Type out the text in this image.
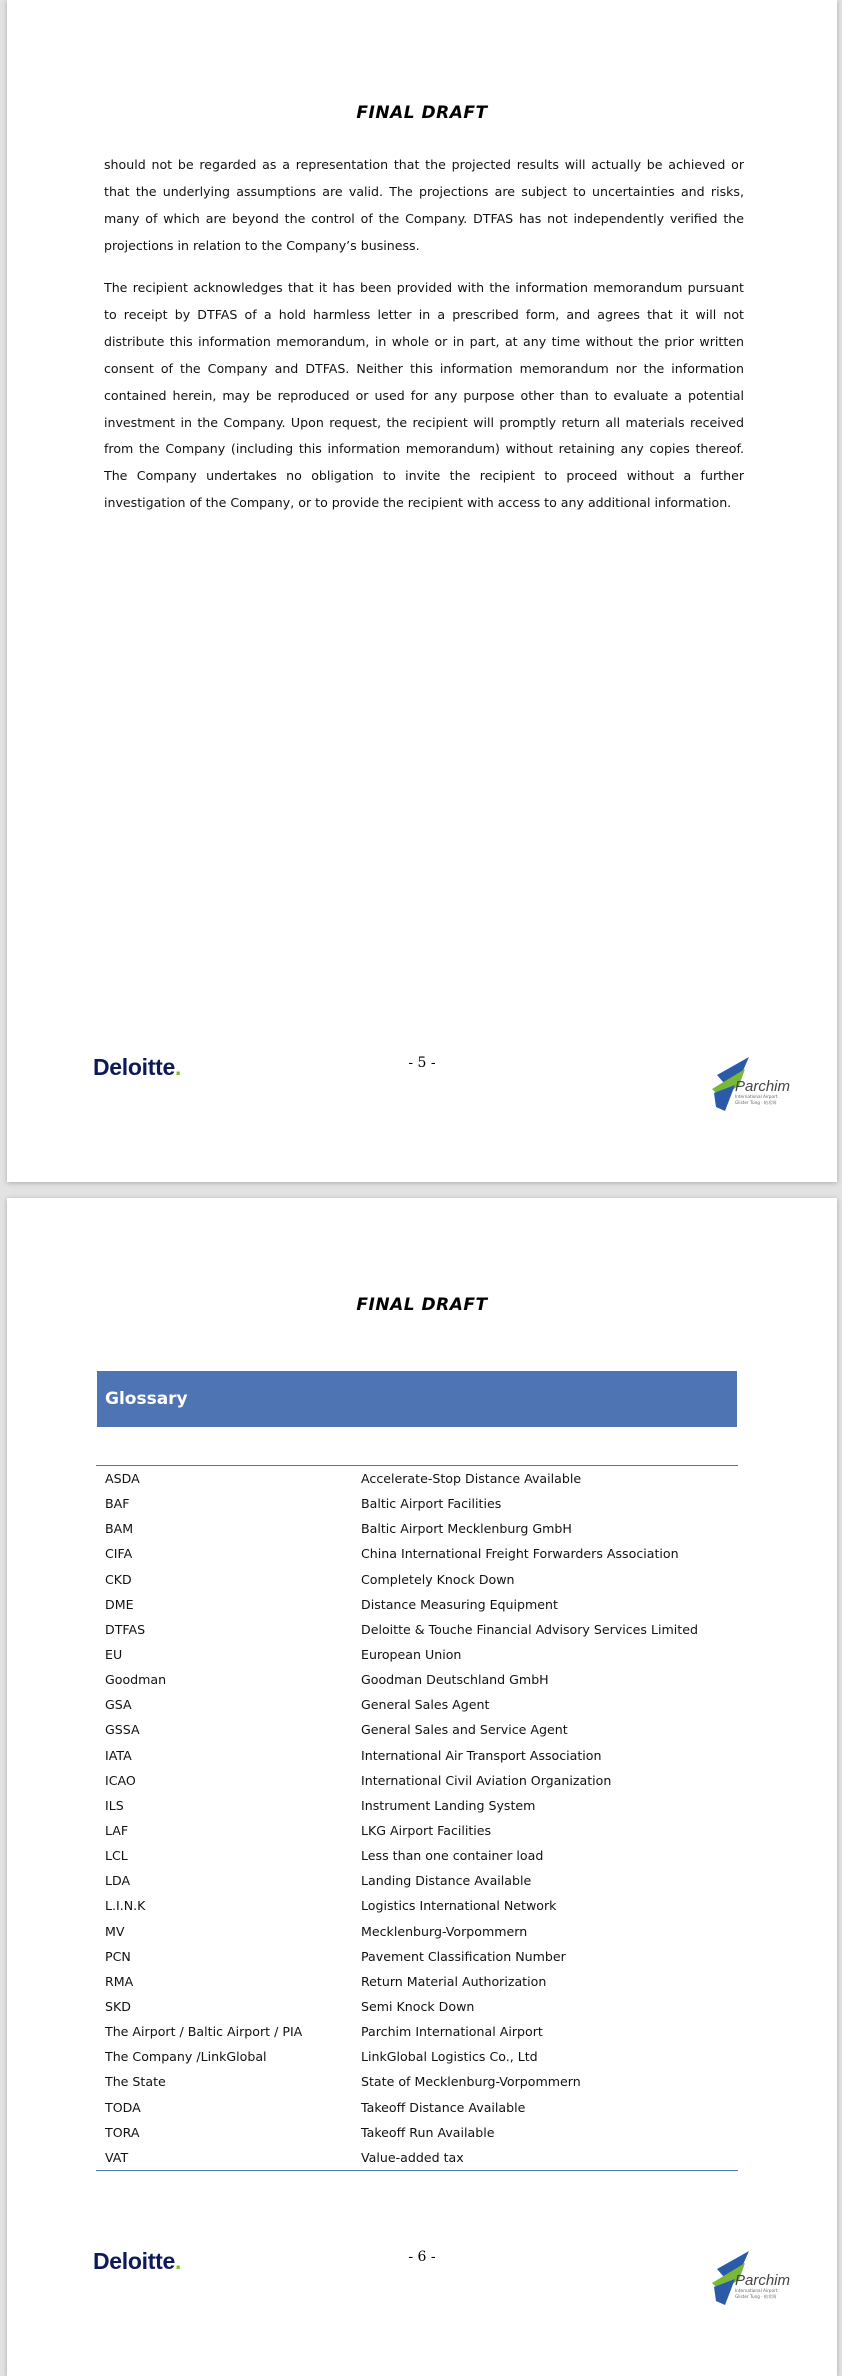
FINAL DRAFT

should not be regarded as a representation that the projected results will actually be achieved or that the underlying assumptions are valid. The projections are subject to uncertainties and risks, many of which are beyond the control of the Company. DTFAS has not independently verified the projections in relation to the Company’s business.

The recipient acknowledges that it has been provided with the information memorandum pursuant to receipt by DTFAS of a hold harmless letter in a prescribed form, and agrees that it will not distribute this information memorandum, in whole or in part, at any time without the prior written consent of the Company and DTFAS. Neither this information memorandum nor the information contained herein, may be reproduced or used for any purpose other than to evaluate a potential investment in the Company. Upon request, the recipient will promptly return all materials received from the Company (including this information memorandum) without retaining any copies thereof. The Company undertakes no obligation to invite the recipient to proceed without a further investigation of the Company, or to provide the recipient with access to any additional information.

Deloitte.	- 5 -
Parchim
International Airport
Glister Tung · 帕希姆
FINAL DRAFT
Glossary
ASDA	Accelerate-Stop Distance Available
BAF	Baltic Airport Facilities
BAM	Baltic Airport Mecklenburg GmbH
CIFA	China International Freight Forwarders Association
CKD	Completely Knock Down
DME	Distance Measuring Equipment
DTFAS	Deloitte & Touche Financial Advisory Services Limited
EU	European Union
Goodman	Goodman Deutschland GmbH
GSA	General Sales Agent
GSSA	General Sales and Service Agent
IATA	International Air Transport Association
ICAO	International Civil Aviation Organization
ILS	Instrument Landing System
LAF	LKG Airport Facilities
LCL	Less than one container load
LDA	Landing Distance Available
L.I.N.K	Logistics International Network
MV	Mecklenburg-Vorpommern
PCN	Pavement Classification Number
RMA	Return Material Authorization
SKD	Semi Knock Down
The Airport / Baltic Airport / PIA	Parchim International Airport
The Company /LinkGlobal	LinkGlobal Logistics Co., Ltd
The State	State of Mecklenburg-Vorpommern
TODA	Takeoff Distance Available
TORA	Takeoff Run Available
VAT	Value-added tax
Deloitte.	- 6 -
Parchim
International Airport
Glister Tung · 帕希姆
